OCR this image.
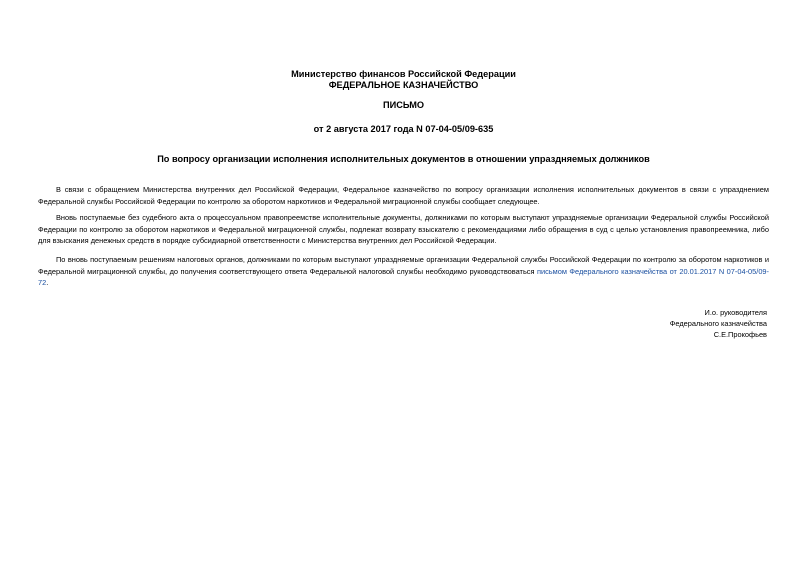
Министерство финансов Российской Федерации
ФЕДЕРАЛЬНОЕ КАЗНАЧЕЙСТВО
ПИСЬМО
от 2 августа 2017 года N 07-04-05/09-635
По вопросу организации исполнения исполнительных документов в отношении упраздняемых должников
В связи с обращением Министерства внутренних дел Российской Федерации, Федеральное казначейство по вопросу организации исполнения исполнительных документов в связи с упразднением Федеральной службы Российской Федерации по контролю за оборотом наркотиков и Федеральной миграционной службы сообщает следующее.
Вновь поступаемые без судебного акта о процессуальном правопреемстве исполнительные документы, должниками по которым выступают упраздняемые организации Федеральной службы Российской Федерации по контролю за оборотом наркотиков и Федеральной миграционной службы, подлежат возврату взыскателю с рекомендациями либо обращения в суд с целью установления правопреемника, либо для взыскания денежных средств в порядке субсидиарной ответственности с Министерства внутренних дел Российской Федерации.
По вновь поступаемым решениям налоговых органов, должниками по которым выступают упраздняемые организации Федеральной службы Российской Федерации по контролю за оборотом наркотиков и Федеральной миграционной службы, до получения соответствующего ответа Федеральной налоговой службы необходимо руководствоваться письмом Федерального казначейства от 20.01.2017 N 07-04-05/09-72.
И.о. руководителя
Федерального казначейства
С.Е.Прокофьев
